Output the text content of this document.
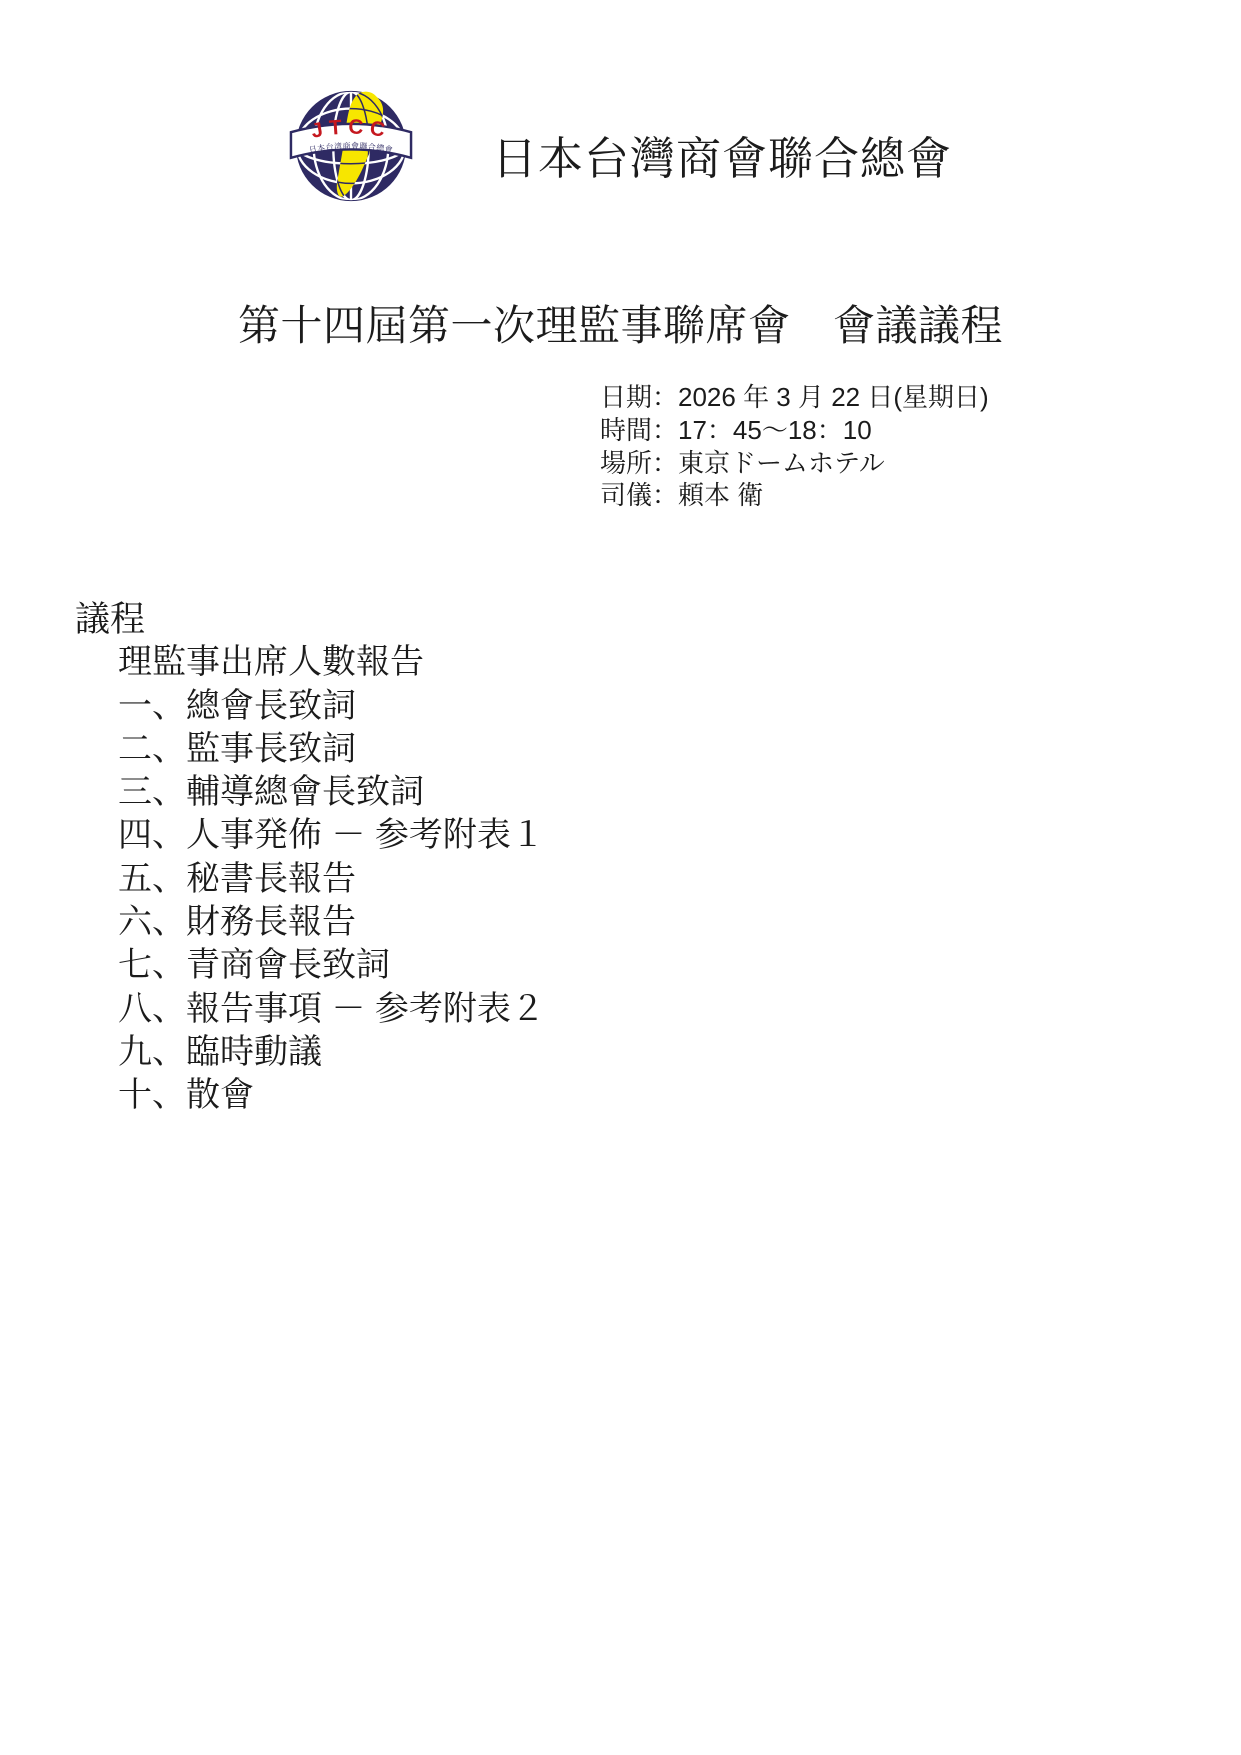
JTCC
日本台湾商會聯合總會 日本台灣商會聯合總會
第十四屆第一次理監事聯席會　會議議程
日期：2026 年 3 月 22 日(星期日)
時間：17：45～18：10
場所：東京ドームホテル
司儀：頼本 衛
議程
理監事出席人數報告
一、總會長致詞
二、監事長致詞
三、輔導總會長致詞
四、人事発佈 － 参考附表１
五、秘書長報告
六、財務長報告
七、青商會長致詞
八、報告事項 － 参考附表２
九、臨時動議
十、散會
